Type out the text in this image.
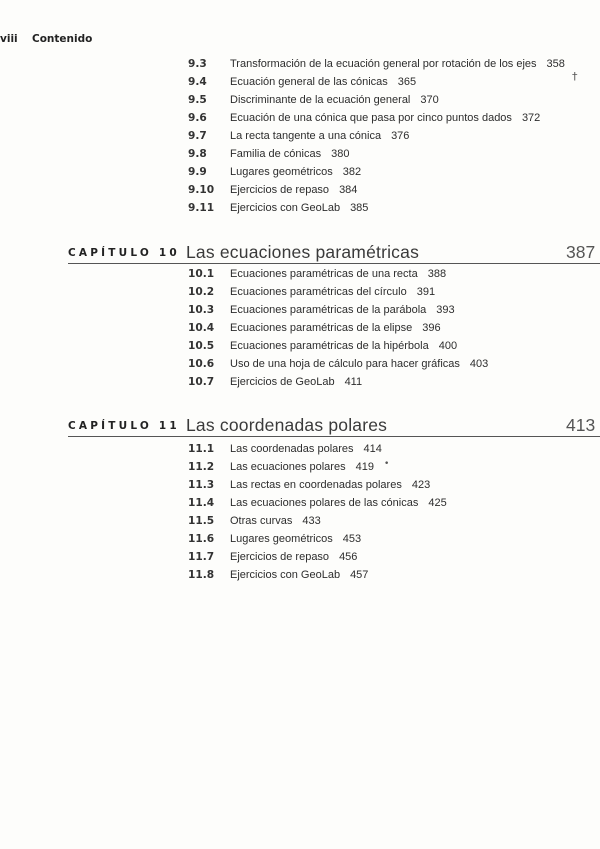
viii Contenido
9.3 Transformación de la ecuación general por rotación de los ejes 358
9.4 Ecuación general de las cónicas 365
9.5 Discriminante de la ecuación general 370
9.6 Ecuación de una cónica que pasa por cinco puntos dados 372
9.7 La recta tangente a una cónica 376
9.8 Familia de cónicas 380
9.9 Lugares geométricos 382
9.10 Ejercicios de repaso 384
9.11 Ejercicios con GeoLab 385
†
CAPÍTULO 10 Las ecuaciones paramétricas	387
10.1 Ecuaciones paramétricas de una recta 388
10.2 Ecuaciones paramétricas del círculo 391
10.3 Ecuaciones paramétricas de la parábola 393
10.4 Ecuaciones paramétricas de la elipse 396
10.5 Ecuaciones paramétricas de la hipérbola 400
10.6 Uso de una hoja de cálculo para hacer gráficas 403
10.7 Ejercicios de GeoLab 411
CAPÍTULO 11 Las coordenadas polares	413
11.1 Las coordenadas polares 414
11.2 Las ecuaciones polares 419
11.3 Las rectas en coordenadas polares 423
11.4 Las ecuaciones polares de las cónicas 425
11.5 Otras curvas 433
11.6 Lugares geométricos 453
11.7 Ejercicios de repaso 456
11.8 Ejercicios con GeoLab 457
•
